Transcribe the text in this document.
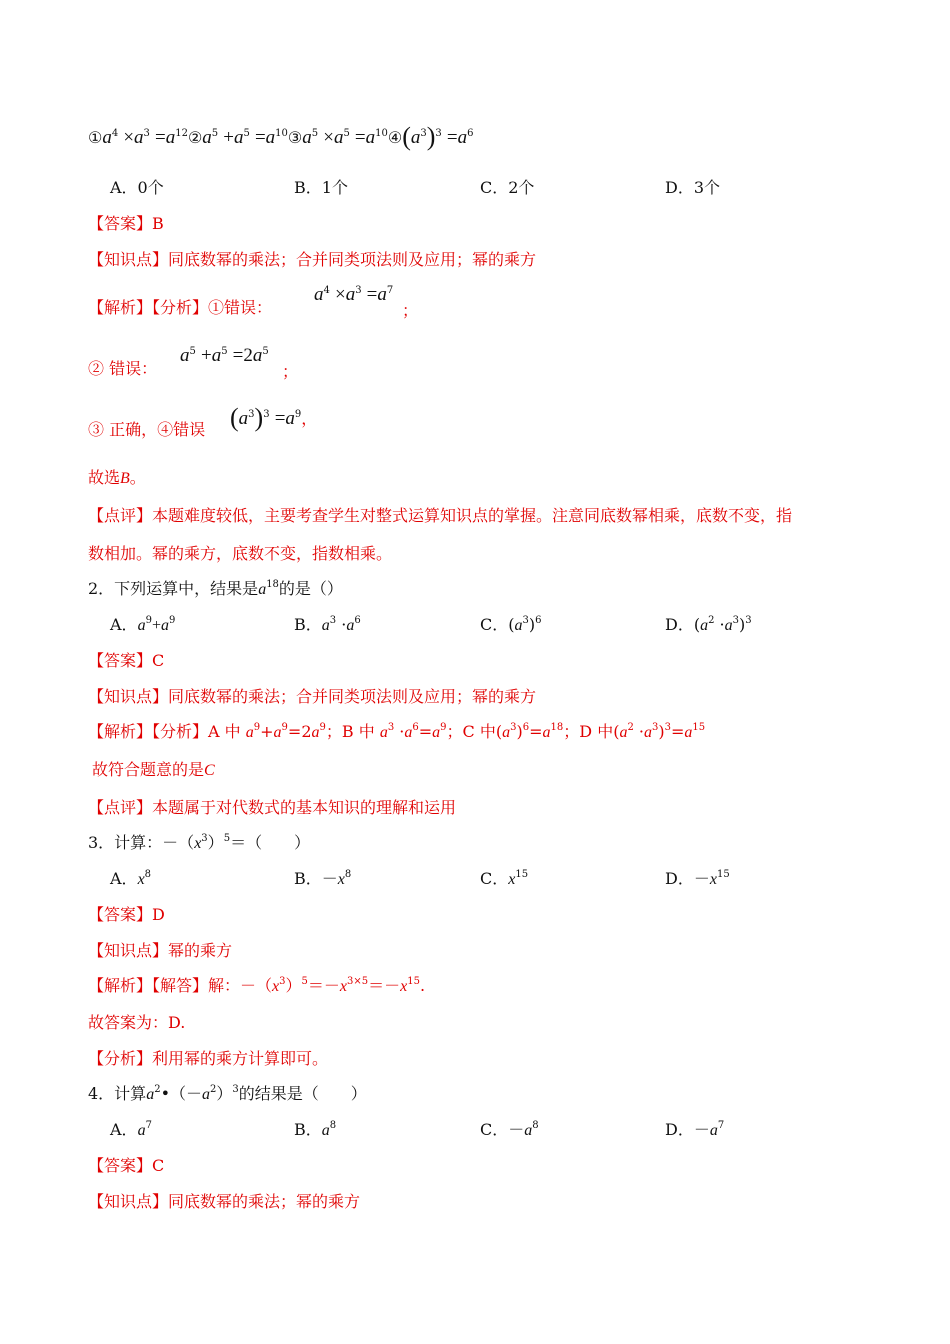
$①a^4 \times a^3$ $=a^{12}②a^5 +a^5$ $=a^{10}③a^5 \times a^5$ $=a^{10}④(a^3)^3 =a^6$
A．0个	B．1个	C．2个	D．3个
【答案】B
【知识点】同底数幂的乘法；合并同类项法则及应用；幂的乘方
【解析】【分析】①错误：
$a^4 \times a^3 =a^7$
；
② 错误：
$a^5 +a^5 =2a^5$
；
③ 正确，④错误 $(a^3)^3 =a^9$，
故选B。
【点评】本题难度较低，主要考查学生对整式运算知识点的掌握。注意同底数幂相乘，底数不变，指
数相加。幂的乘方，底数不变，指数相乘。
2．下列运算中，结果是$a^{18}$的是（）
A．$a^9+a^9$	B．$a^3 \cdot a^6$	C．$(a^3)^6$	D．$(a^2 \cdot a^3)^3$
【答案】C
【知识点】同底数幂的乘法；合并同类项法则及应用；幂的乘方
【解析】【分析】A 中 $a^9+a^9=2a^9$；B 中 $a^3 \cdot a^6=a^9$；C 中$(a^3)^6=a^{18}$；D 中$(a^2 \cdot a^3)^3=a^{15}$
故符合题意的是C
【点评】本题属于对代数式的基本知识的理解和运用
3．计算：$-(x^3)^5=$（　　）
A．$x^8$	B．$-x^8$	C．$x^{15}$	D．$-x^{15}$
【答案】D
【知识点】幂的乘方
【解析】【解答】解：$-(x^3)^5=-x^{3\times 5}=-x^{15}$.
故答案为：D.
【分析】利用幂的乘方计算即可。
4．计算$a^2•(-a^2)^3$的结果是（　　）
A．$a^7$	B．$a^8$	C．$-a^8$	D．$-a^7$
【答案】C
【知识点】同底数幂的乘法；幂的乘方
